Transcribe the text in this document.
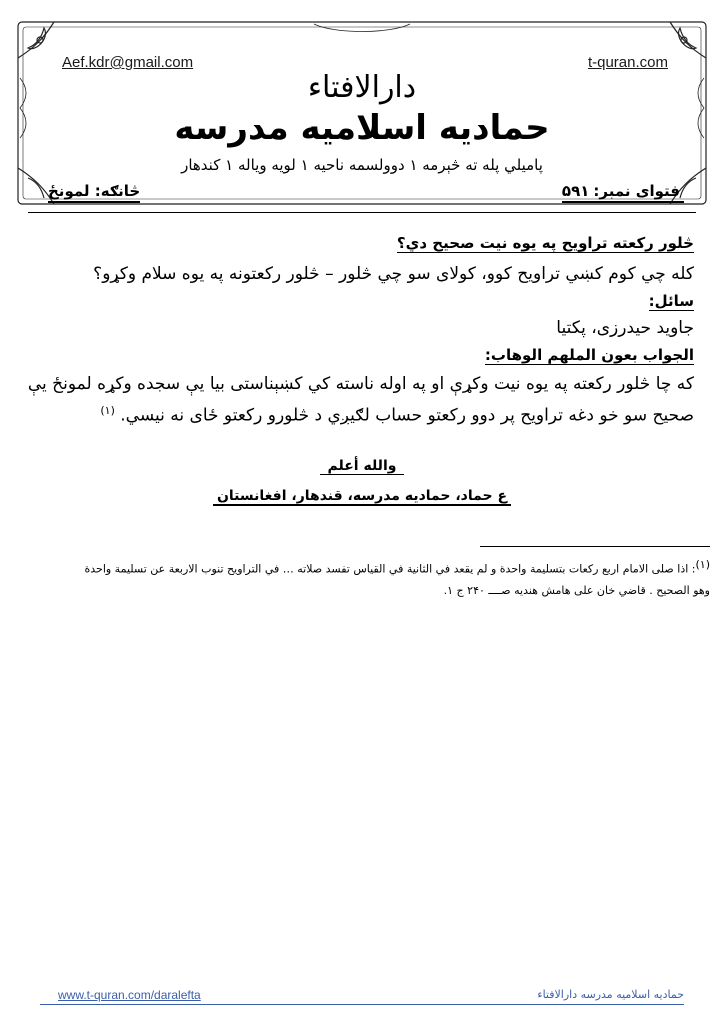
Aef.kdr@gmail.com	t-quran.com
دارالافتاء
حمادیه اسلامیه مدرسه
پامیلي پله ته څېرمه ۱ دوولسمه ناحیه ۱ لویه ویاله ۱ کندهار
فتوای نمبر:۵۹۱
څانګه: لمونځ
څلور رکعته تراویح په یوه نیت صحیح دي؟
کله چي کوم کښي تراویح کوو، کولای سو چي څلور – څلور رکعتونه په یوه سلام وکړو؟
سائل:
جاوید حیدرزی، پکتیا
الجواب بعون الملهم الوهاب:
که چا څلور رکعته په یوه نیت وکړې او په اوله ناسته کي کښېناستی بیا یې سجده وکړه لمونځ یې
صحیح سو خو دغه تراویح پر دوو رکعتو حساب لګیږي د څلورو رکعتو ځای نه نیسي. $^{(۱)}$
والله أعلم
ع حماد، حمادیه مدرسه، قندهار، افغانستان
(۱): اذا صلى الامام اربع ركعات بتسليمة واحدة و لم يقعد في الثانية في القياس تفسد صلاته … في التراويح تنوب الاربعة عن تسليمة واحدة
وهو الصحيح . قاضي خان على هامش هنديه صــــ ۲۴۰ ج ۱.
www.t-quran.com/daralefta	حمادیه اسلامیه مدرسه دارالافتاء
